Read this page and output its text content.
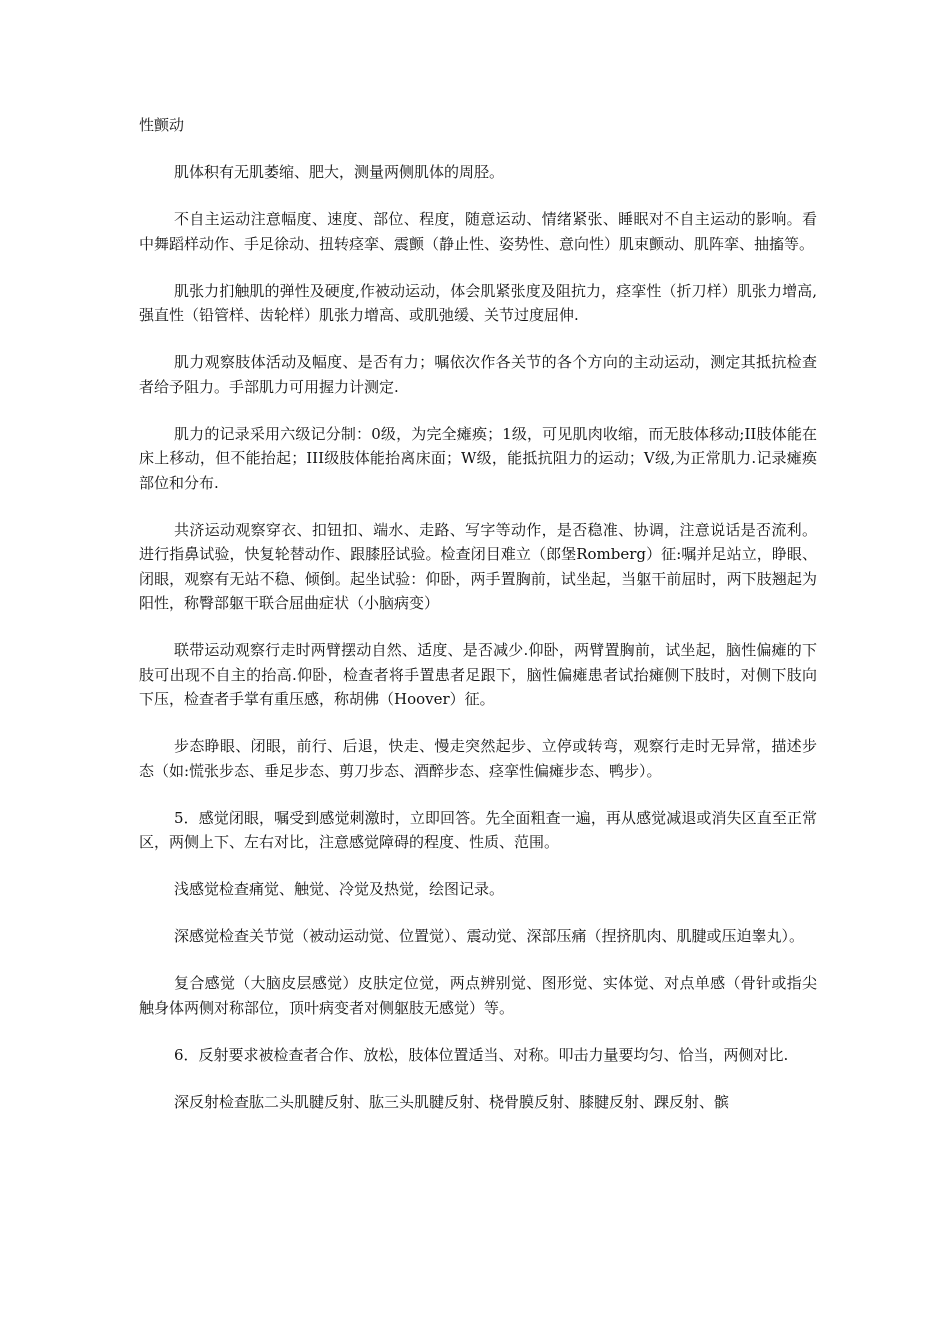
性颤动

肌体积有无肌萎缩、肥大，测量两侧肌体的周胫。

不自主运动注意幅度、速度、部位、程度，随意运动、情绪紧张、睡眠对不自主运动的影响。看中舞蹈样动作、手足徐动、扭转痉挛、震颤（静止性、姿势性、意向性）肌束颤动、肌阵挛、抽搐等。

肌张力扪触肌的弹性及硬度,作被动运动，体会肌紧张度及阻抗力，痉挛性（折刀样）肌张力增高,强直性（铅管样、齿轮样）肌张力增高、或肌弛缓、关节过度屈伸.

肌力观察肢体活动及幅度、是否有力；嘱依次作各关节的各个方向的主动运动，测定其抵抗检查者给予阻力。手部肌力可用握力计测定.

肌力的记录采用六级记分制：0级，为完全瘫痪；1级，可见肌肉收缩，而无肢体移动;II肢体能在床上移动，但不能抬起；III级肢体能抬离床面；W级，能抵抗阻力的运动；V级,为正常肌力.记录瘫痪部位和分布.

共济运动观察穿衣、扣钮扣、端水、走路、写字等动作，是否稳准、协调，注意说话是否流利。进行指鼻试验，快复轮替动作、跟膝胫试验。检查闭目难立（郎堡Romberg）征:嘱并足站立，睁眼、闭眼，观察有无站不稳、倾倒。起坐试验：仰卧，两手置胸前，试坐起，当躯干前屈时，两下肢翘起为阳性，称臀部躯干联合屈曲症状（小脑病变）

联带运动观察行走时两臂摆动自然、适度、是否减少.仰卧，两臂置胸前，试坐起，脑性偏瘫的下肢可出现不自主的抬高.仰卧，检查者将手置患者足跟下，脑性偏瘫患者试抬瘫侧下肢时，对侧下肢向下压，检查者手掌有重压感，称胡佛（Hoover）征。

步态睁眼、闭眼，前行、后退，快走、慢走突然起步、立停或转弯，观察行走时无异常，描述步态（如:慌张步态、垂足步态、剪刀步态、酒醉步态、痉挛性偏瘫步态、鸭步）。

5．感觉闭眼，嘱受到感觉刺激时，立即回答。先全面粗查一遍，再从感觉减退或消失区直至正常区，两侧上下、左右对比，注意感觉障碍的程度、性质、范围。

浅感觉检查痛觉、触觉、冷觉及热觉，绘图记录。

深感觉检查关节觉（被动运动觉、位置觉）、震动觉、深部压痛（捏挤肌肉、肌腱或压迫睾丸）。

复合感觉（大脑皮层感觉）皮肤定位觉，两点辨别觉、图形觉、实体觉、对点单感（骨针或指尖触身体两侧对称部位，顶叶病变者对侧躯肢无感觉）等。

6．反射要求被检查者合作、放松，肢体位置适当、对称。叩击力量要均匀、恰当，两侧对比.

深反射检查肱二头肌腱反射、肱三头肌腱反射、桡骨膜反射、膝腱反射、踝反射、髌
